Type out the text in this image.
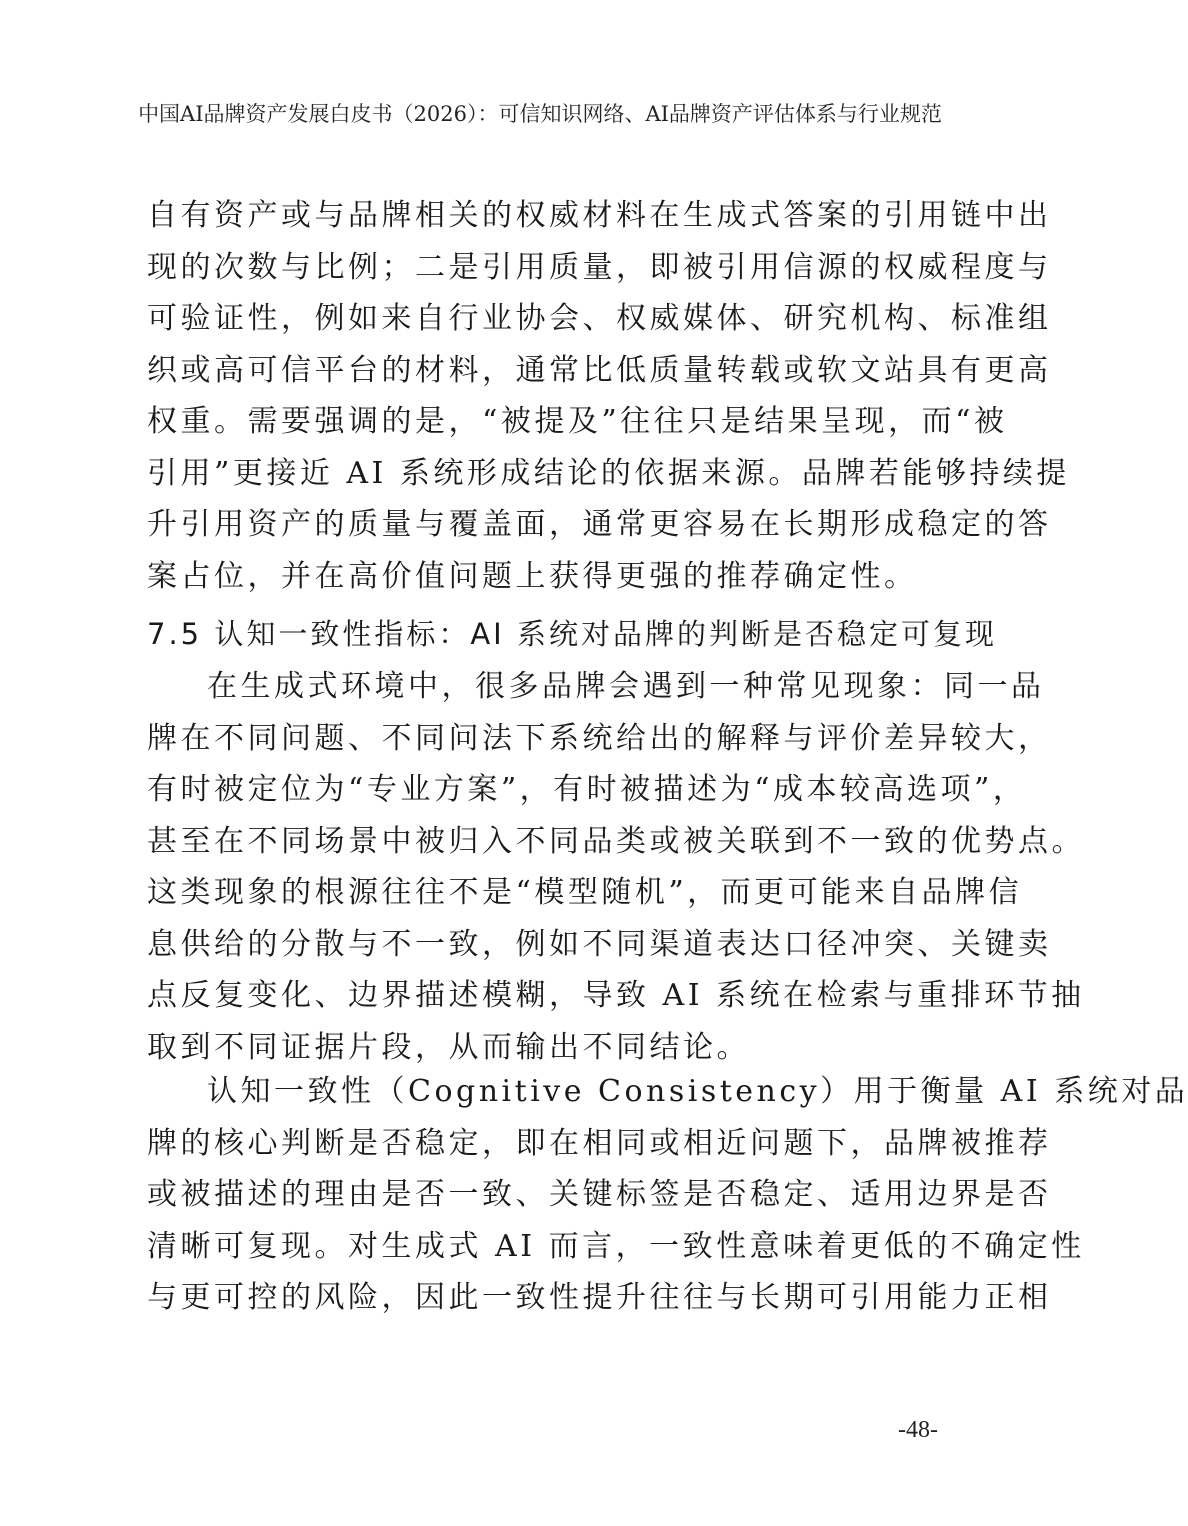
中国AI品牌资产发展白皮书（2026）：可信知识网络、AI品牌资产评估体系与行业规范
自有资产或与品牌相关的权威材料在生成式答案的引用链中出
现的次数与比例；二是引用质量，即被引用信源的权威程度与
可验证性，例如来自行业协会、权威媒体、研究机构、标准组
织或高可信平台的材料，通常比低质量转载或软文站具有更高
权重。需要强调的是，“被提及”往往只是结果呈现，而“被
引用”更接近 AI 系统形成结论的依据来源。品牌若能够持续提
升引用资产的质量与覆盖面，通常更容易在长期形成稳定的答
案占位，并在高价值问题上获得更强的推荐确定性。
7.5 认知一致性指标：AI 系统对品牌的判断是否稳定可复现
在生成式环境中，很多品牌会遇到一种常见现象：同一品
牌在不同问题、不同问法下系统给出的解释与评价差异较大，
有时被定位为“专业方案”，有时被描述为“成本较高选项”，
甚至在不同场景中被归入不同品类或被关联到不一致的优势点。
这类现象的根源往往不是“模型随机”，而更可能来自品牌信
息供给的分散与不一致，例如不同渠道表达口径冲突、关键卖
点反复变化、边界描述模糊，导致 AI 系统在检索与重排环节抽
取到不同证据片段，从而输出不同结论。
认知一致性（Cognitive Consistency）用于衡量 AI 系统对品
牌的核心判断是否稳定，即在相同或相近问题下，品牌被推荐
或被描述的理由是否一致、关键标签是否稳定、适用边界是否
清晰可复现。对生成式 AI 而言，一致性意味着更低的不确定性
与更可控的风险，因此一致性提升往往与长期可引用能力正相
-48-
